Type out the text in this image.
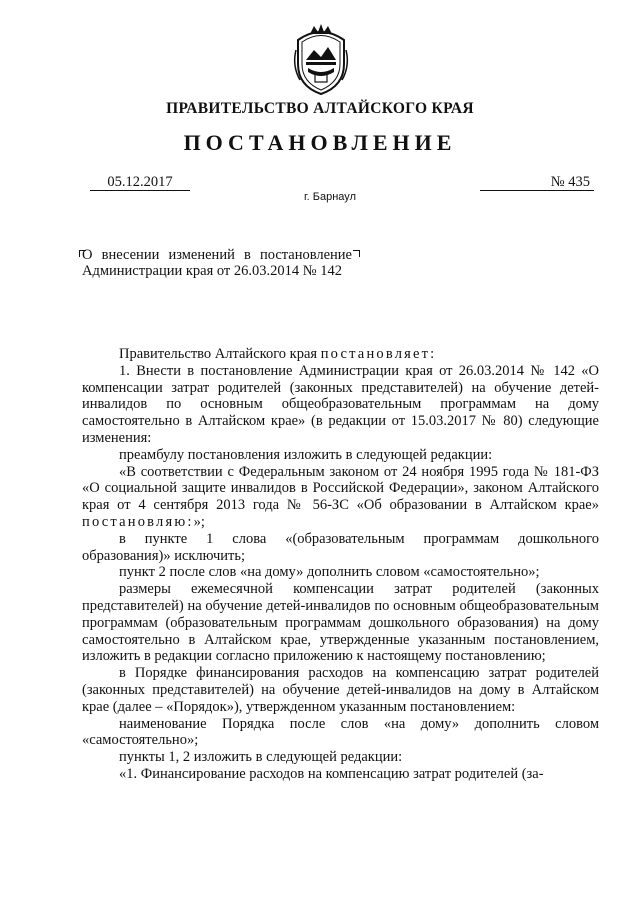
ПРАВИТЕЛЬСТВО АЛТАЙСКОГО КРАЯ
ПОСТАНОВЛЕНИЕ
05.12.2017	№ 435
г. Барнаул
О внесении изменений в постановление Администрации края от 26.03.2014 № 142

Правительство Алтайского края постановляет:

1. Внести в постановление Администрации края от 26.03.2014 № 142 «О компенсации затрат родителей (законных представителей) на обучение детей-инвалидов по основным общеобразовательным программам на дому самостоятельно в Алтайском крае» (в редакции от 15.03.2017 № 80) следующие изменения:

преамбулу постановления изложить в следующей редакции:

«В соответствии с Федеральным законом от 24 ноября 1995 года № 181-ФЗ «О социальной защите инвалидов в Российской Федерации», законом Алтайского края от 4 сентября 2013 года № 56-ЗС «Об образовании в Алтайском крае» постановляю:»;

в пункте 1 слова «(образовательным программам дошкольного образования)» исключить;

пункт 2 после слов «на дому» дополнить словом «самостоятельно»;

размеры ежемесячной компенсации затрат родителей (законных представителей) на обучение детей-инвалидов по основным общеобразовательным программам (образовательным программам дошкольного образования) на дому самостоятельно в Алтайском крае, утвержденные указанным постановлением, изложить в редакции согласно приложению к настоящему постановлению;

в Порядке финансирования расходов на компенсацию затрат родителей (законных представителей) на обучение детей-инвалидов на дому в Алтайском крае (далее – «Порядок»), утвержденном указанным постановлением:

наименование Порядка после слов «на дому» дополнить словом «самостоятельно»;

пункты 1, 2 изложить в следующей редакции:

«1. Финансирование расходов на компенсацию затрат родителей (за-
